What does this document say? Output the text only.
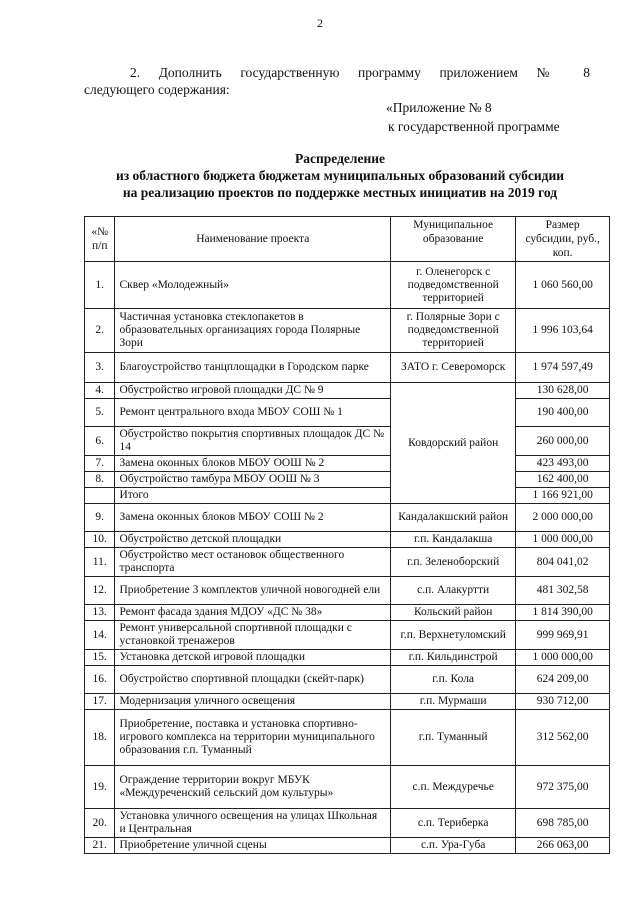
2
2. Дополнить государственную программу приложением № 8
следующего содержания:
«Приложение № 8
к государственной программе
Распределение
из областного бюджета бюджетам муниципальных образований субсидии
на реализацию проектов по поддержке местных инициатив на 2019 год
«№ п/п	Наименование проекта	Муниципальное образование	Размер субсидии, руб., коп.
1.	Сквер «Молодежный»	г. Оленегорск с подведомственной территорией	1 060 560,00
2.	Частичная установка стеклопакетов в образовательных организациях города Полярные Зори	г. Полярные Зори с подведомственной территорией	1 996 103,64
3.	Благоустройство танцплощадки в Городском парке	ЗАТО г. Североморск	1 974 597,49
4.	Обустройство игровой площадки ДС № 9	Ковдорский район	130 628,00
5.	Ремонт центрального входа МБОУ СОШ № 1		190 400,00
6.	Обустройство покрытия спортивных площадок ДС № 14		260 000,00
7.	Замена оконных блоков МБОУ ООШ № 2		423 493,00
8.	Обустройство тамбура МБОУ ООШ № 3		162 400,00
	Итого		1 166 921,00
9.	Замена оконных блоков МБОУ СОШ № 2	Кандалакшский район	2 000 000,00
10.	Обустройство детской площадки	г.п. Кандалакша	1 000 000,00
11.	Обустройство мест остановок общественного транспорта	г.п. Зеленоборский	804 041,02
12.	Приобретение 3 комплектов уличной новогодней ели	с.п. Алакуртти	481 302,58
13.	Ремонт фасада здания МДОУ «ДС № 38»	Кольский район	1 814 390,00
14.	Ремонт универсальной спортивной площадки с установкой тренажеров	г.п. Верхнетуломский	999 969,91
15.	Установка детской игровой площадки	г.п. Кильдинстрой	1 000 000,00
16.	Обустройство спортивной площадки (скейт-парк)	г.п. Кола	624 209,00
17.	Модернизация уличного освещения	г.п. Мурмаши	930 712,00
18.	Приобретение, поставка и установка спортивно-игрового комплекса на территории муниципального образования г.п. Туманный	г.п. Туманный	312 562,00
19.	Ограждение территории вокруг МБУК «Междуреченский сельский дом культуры»	с.п. Междуречье	972 375,00
20.	Установка уличного освещения на улицах Школьная и Центральная	с.п. Териберка	698 785,00
21.	Приобретение уличной сцены	с.п. Ура-Губа	266 063,00
